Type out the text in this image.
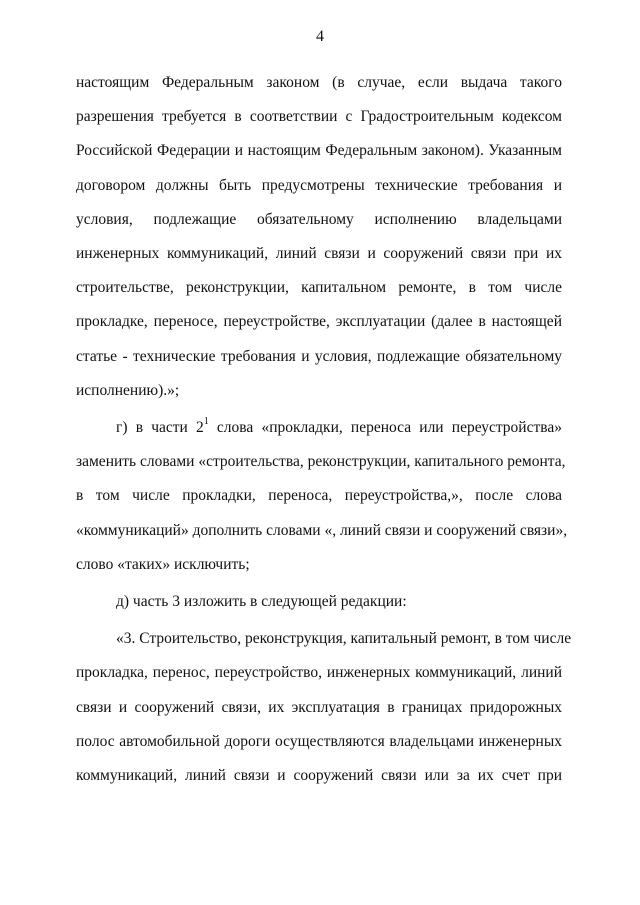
4
настоящим Федеральным законом (в случае, если выдача такого
разрешения требуется в соответствии с Градостроительным кодексом
Российской Федерации и настоящим Федеральным законом). Указанным
договором должны быть предусмотрены технические требования и
условия, подлежащие обязательному исполнению владельцами
инженерных коммуникаций, линий связи и сооружений связи при их
строительстве, реконструкции, капитальном ремонте, в том числе
прокладке, переносе, переустройстве, эксплуатации (далее в настоящей
статье - технические требования и условия, подлежащие обязательному
исполнению).»;
г) в части $2^1$ слова «прокладки, переноса или переустройства»
заменить словами «строительства, реконструкции, капитального ремонта,
в том числе прокладки, переноса, переустройства,», после слова
«коммуникаций» дополнить словами «, линий связи и сооружений связи»,
слово «таких» исключить;
д) часть 3 изложить в следующей редакции:
«3. Строительство, реконструкция, капитальный ремонт, в том числе
прокладка, перенос, переустройство, инженерных коммуникаций, линий
связи и сооружений связи, их эксплуатация в границах придорожных
полос автомобильной дороги осуществляются владельцами инженерных
коммуникаций, линий связи и сооружений связи или за их счет при
